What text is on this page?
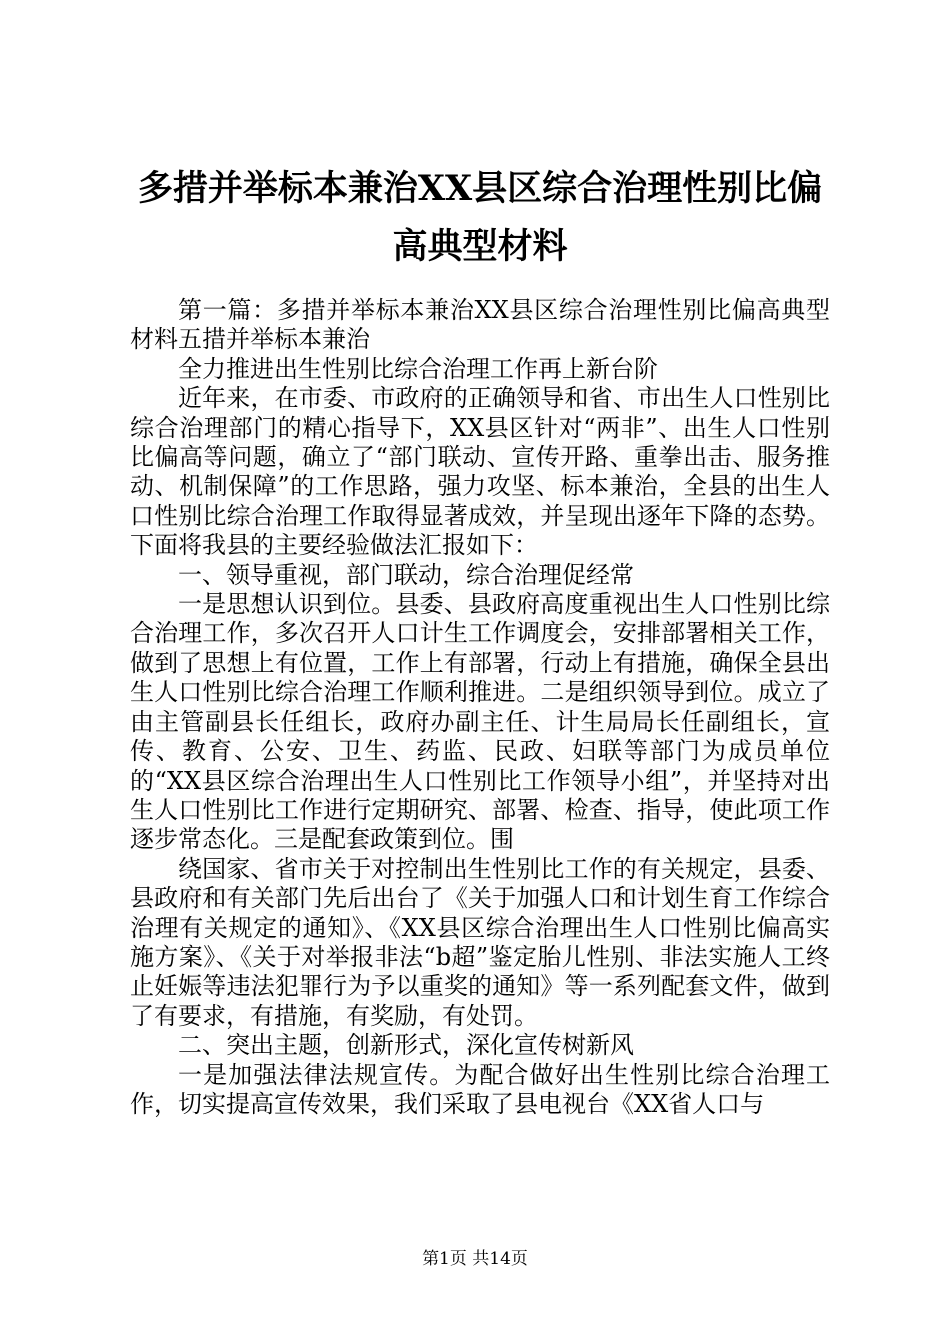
多措并举标本兼治XX县区综合治理性别比偏高典型材料

第一篇：多措并举标本兼治XX县区综合治理性别比偏高典型材料五措并举标本兼治

全力推进出生性别比综合治理工作再上新台阶

近年来，在市委、市政府的正确领导和省、市出生人口性别比综合治理部门的精心指导下，XX县区针对“两非”、出生人口性别比偏高等问题，确立了“部门联动、宣传开路、重拳出击、服务推动、机制保障”的工作思路，强力攻坚、标本兼治，全县的出生人口性别比综合治理工作取得显著成效，并呈现出逐年下降的态势。下面将我县的主要经验做法汇报如下：

一、领导重视，部门联动，综合治理促经常

一是思想认识到位。县委、县政府高度重视出生人口性别比综合治理工作，多次召开人口计生工作调度会，安排部署相关工作，做到了思想上有位置，工作上有部署，行动上有措施，确保全县出生人口性别比综合治理工作顺利推进。二是组织领导到位。成立了由主管副县长任组长，政府办副主任、计生局局长任副组长，宣传、教育、公安、卫生、药监、民政、妇联等部门为成员单位的“XX县区综合治理出生人口性别比工作领导小组”，并坚持对出生人口性别比工作进行定期研究、部署、检查、指导，使此项工作逐步常态化。三是配套政策到位。围

绕国家、省市关于对控制出生性别比工作的有关规定，县委、县政府和有关部门先后出台了《关于加强人口和计划生育工作综合治理有关规定的通知》、《XX县区综合治理出生人口性别比偏高实施方案》、《关于对举报非法“b超”鉴定胎儿性别、非法实施人工终止妊娠等违法犯罪行为予以重奖的通知》等一系列配套文件，做到了有要求，有措施，有奖励，有处罚。

二、突出主题，创新形式，深化宣传树新风

一是加强法律法规宣传。为配合做好出生性别比综合治理工作，切实提高宣传效果，我们采取了县电视台《XX省人口与

第1页 共14页
